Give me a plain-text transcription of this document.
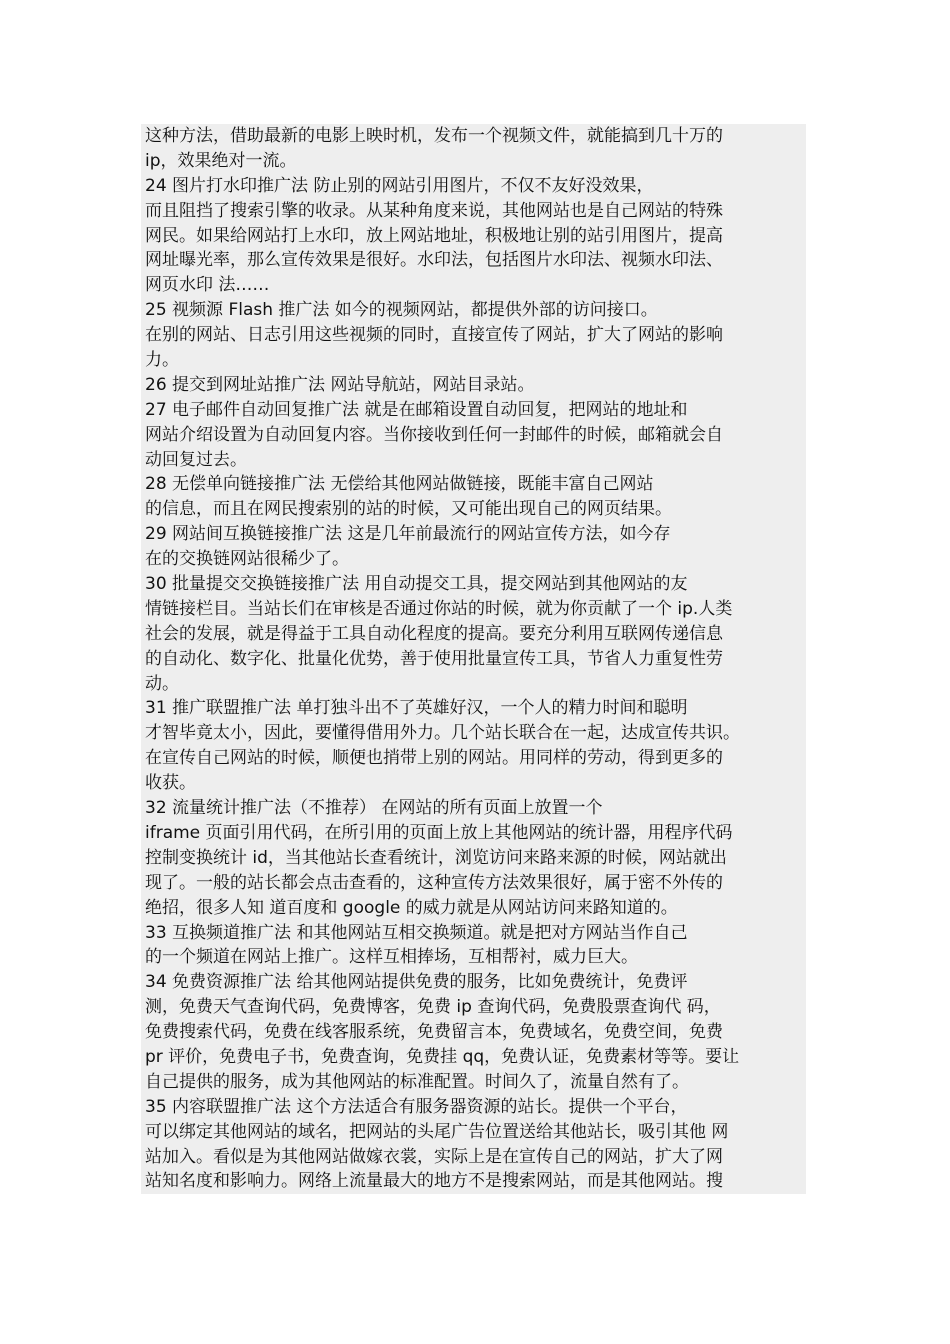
这种方法，借助最新的电影上映时机，发布一个视频文件，就能搞到几十万的
ip，效果绝对一流。
24 图片打水印推广法 防止别的网站引用图片，不仅不友好没效果，
而且阻挡了搜索引擎的收录。从某种角度来说，其他网站也是自己网站的特殊
网民。如果给网站打上水印，放上网站地址，积极地让别的站引用图片，提高
网址曝光率，那么宣传效果是很好。水印法，包括图片水印法、视频水印法、
网页水印 法……
25 视频源 Flash 推广法 如今的视频网站，都提供外部的访问接口。
在别的网站、日志引用这些视频的同时，直接宣传了网站，扩大了网站的影响
力。
26 提交到网址站推广法 网站导航站，网站目录站。
27 电子邮件自动回复推广法 就是在邮箱设置自动回复，把网站的地址和
网站介绍设置为自动回复内容。当你接收到任何一封邮件的时候，邮箱就会自
动回复过去。
28 无偿单向链接推广法 无偿给其他网站做链接，既能丰富自己网站
的信息，而且在网民搜索别的站的时候，又可能出现自己的网页结果。
29 网站间互换链接推广法 这是几年前最流行的网站宣传方法，如今存
在的交换链网站很稀少了。
30 批量提交交换链接推广法 用自动提交工具，提交网站到其他网站的友
情链接栏目。当站长们在审核是否通过你站的时候，就为你贡献了一个 ip.人类
社会的发展，就是得益于工具自动化程度的提高。要充分利用互联网传递信息
的自动化、数字化、批量化优势，善于使用批量宣传工具，节省人力重复性劳
动。
31 推广联盟推广法 单打独斗出不了英雄好汉，一个人的精力时间和聪明
才智毕竟太小，因此，要懂得借用外力。几个站长联合在一起，达成宣传共识。
在宣传自己网站的时候，顺便也捎带上别的网站。用同样的劳动，得到更多的
收获。
32 流量统计推广法（不推荐） 在网站的所有页面上放置一个
iframe 页面引用代码，在所引用的页面上放上其他网站的统计器，用程序代码
控制变换统计 id，当其他站长查看统计，浏览访问来路来源的时候，网站就出
现了。一般的站长都会点击查看的，这种宣传方法效果很好，属于密不外传的
绝招，很多人知 道百度和 google 的威力就是从网站访问来路知道的。
33 互换频道推广法 和其他网站互相交换频道。就是把对方网站当作自己
的一个频道在网站上推广。这样互相捧场，互相帮衬，威力巨大。
34 免费资源推广法 给其他网站提供免费的服务，比如免费统计，免费评
测，免费天气查询代码，免费博客，免费 ip 查询代码，免费股票查询代 码，
免费搜索代码，免费在线客服系统，免费留言本，免费域名，免费空间，免费
pr 评价，免费电子书，免费查询，免费挂 qq，免费认证，免费素材等等。要让
自己提供的服务，成为其他网站的标准配置。时间久了，流量自然有了。
35 内容联盟推广法 这个方法适合有服务器资源的站长。提供一个平台，
可以绑定其他网站的域名，把网站的头尾广告位置送给其他站长，吸引其他 网
站加入。看似是为其他网站做嫁衣裳，实际上是在宣传自己的网站，扩大了网
站知名度和影响力。网络上流量最大的地方不是搜索网站，而是其他网站。搜
